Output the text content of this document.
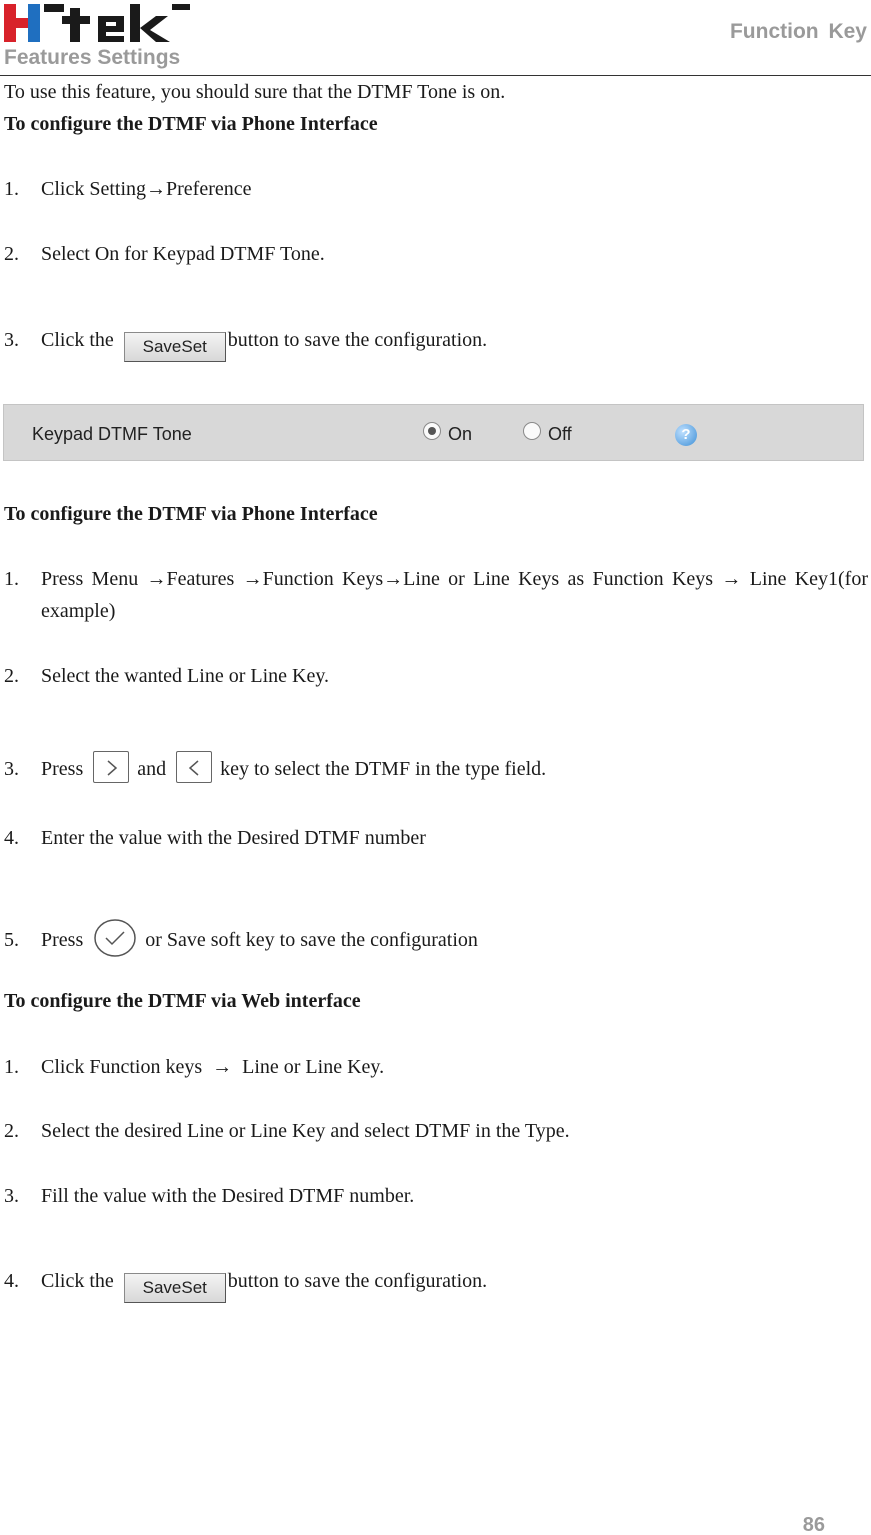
Features Settings
Function Key
To use this feature, you should sure that the DTMF Tone is on.
To configure the DTMF via Phone Interface
1. Click Setting→Preference
2. Select On for Keypad DTMF Tone.
3. Click the SaveSet button to save the configuration.
Keypad DTMF Tone	On	Off	?
To configure the DTMF via Phone Interface
1. Press Menu →Features →Function Keys→Line or Line Keys as Function Keys → Line Key1(for example)
2. Select the wanted Line or Line Key.
3. Press	and	key to select the DTMF in the type field.
4. Enter the value with the Desired DTMF number
5. Press	or Save soft key to save the configuration
To configure the DTMF via Web interface
1. Click Function keys  →  Line or Line Key.
2. Select the desired Line or Line Key and select DTMF in the Type.
3. Fill the value with the Desired DTMF number.
4. Click the SaveSet button to save the configuration.
86
